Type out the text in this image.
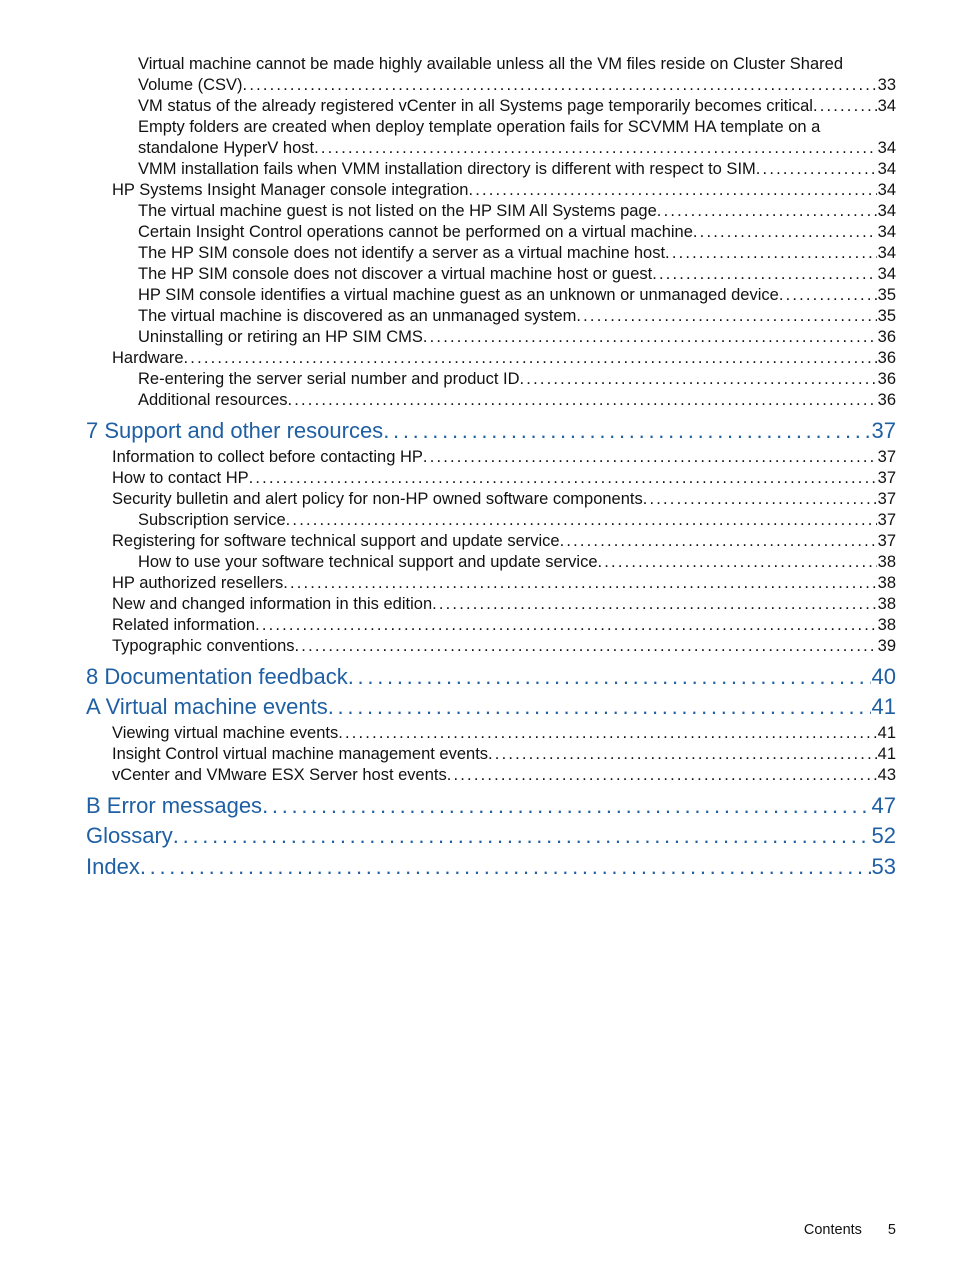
Virtual machine cannot be made highly available unless all the VM files reside on Cluster Shared
Volume (CSV) . . .	33
VM status of the already registered vCenter in all Systems page temporarily becomes critical . . .	34
Empty folders are created when deploy template operation fails for SCVMM HA template on a
standalone HyperV host . . .	34
VMM installation fails when VMM installation directory is different with respect to SIM . . .	34
HP Systems Insight Manager console integration . . .	34
The virtual machine guest is not listed on the HP SIM All Systems page . . .	34
Certain Insight Control operations cannot be performed on a virtual machine . . .	34
The HP SIM console does not identify a server as a virtual machine host . . .	34
The HP SIM console does not discover a virtual machine host or guest . . .	34
HP SIM console identifies a virtual machine guest as an unknown or unmanaged device . . .	35
The virtual machine is discovered as an unmanaged system . . .	35
Uninstalling or retiring an HP SIM CMS . . .	36
Hardware . . .	36
Re-entering the server serial number and product ID . . .	36
Additional resources . . .	36
7 Support and other resources . . .	37
Information to collect before contacting HP . . .	37
How to contact HP . . .	37
Security bulletin and alert policy for non-HP owned software components . . .	37
Subscription service . . .	37
Registering for software technical support and update service . . .	37
How to use your software technical support and update service . . .	38
HP authorized resellers . . .	38
New and changed information in this edition . . .	38
Related information . . .	38
Typographic conventions . . .	39
8 Documentation feedback . . .	40
A Virtual machine events . . .	41
Viewing virtual machine events . . .	41
Insight Control virtual machine management events . . .	41
vCenter and VMware ESX Server host events . . .	43
B Error messages . . .	47
Glossary . . .	52
Index . . .	53
Contents 5
